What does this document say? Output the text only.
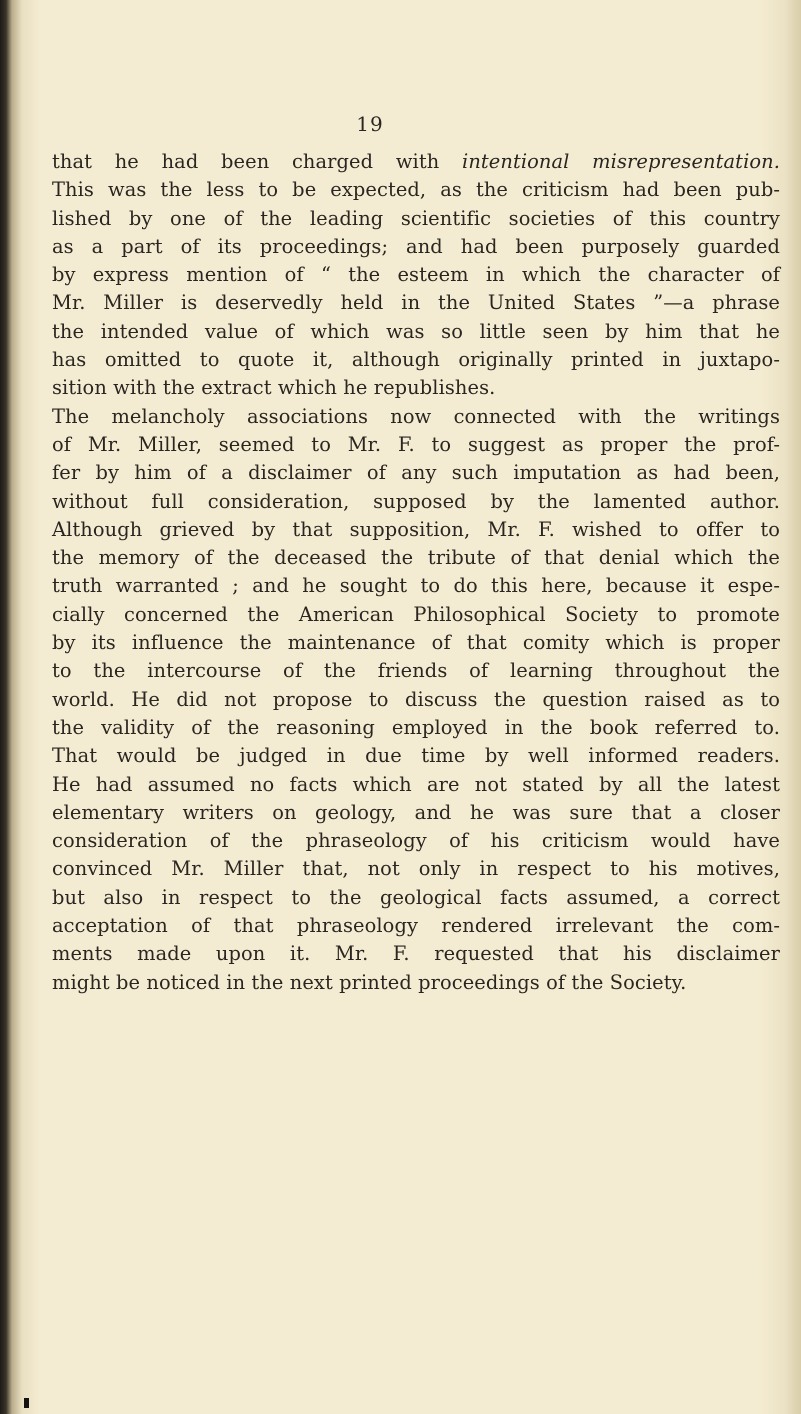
19
that he had been charged with intentional misrepresentation.
This was the less to be expected, as the criticism had been pub-
lished by one of the leading scientific societies of this country
as a part of its proceedings; and had been purposely guarded
by express mention of “ the esteem in which the character of
Mr. Miller is deservedly held in the United States ”—a phrase
the intended value of which was so little seen by him that he
has omitted to quote it, although originally printed in juxtapo-
sition with the extract which he republishes.
The melancholy associations now connected with the writings
of Mr. Miller, seemed to Mr. F. to suggest as proper the prof-
fer by him of a disclaimer of any such imputation as had been,
without full consideration, supposed by the lamented author.
Although grieved by that supposition, Mr. F. wished to offer to
the memory of the deceased the tribute of that denial which the
truth warranted ; and he sought to do this here, because it espe-
cially concerned the American Philosophical Society to promote
by its influence the maintenance of that comity which is proper
to the intercourse of the friends of learning throughout the
world. He did not propose to discuss the question raised as to
the validity of the reasoning employed in the book referred to.
That would be judged in due time by well informed readers.
He had assumed no facts which are not stated by all the latest
elementary writers on geology, and he was sure that a closer
consideration of the phraseology of his criticism would have
convinced Mr. Miller that, not only in respect to his motives,
but also in respect to the geological facts assumed, a correct
acceptation of that phraseology rendered irrelevant the com-
ments made upon it. Mr. F. requested that his disclaimer
might be noticed in the next printed proceedings of the Society.
